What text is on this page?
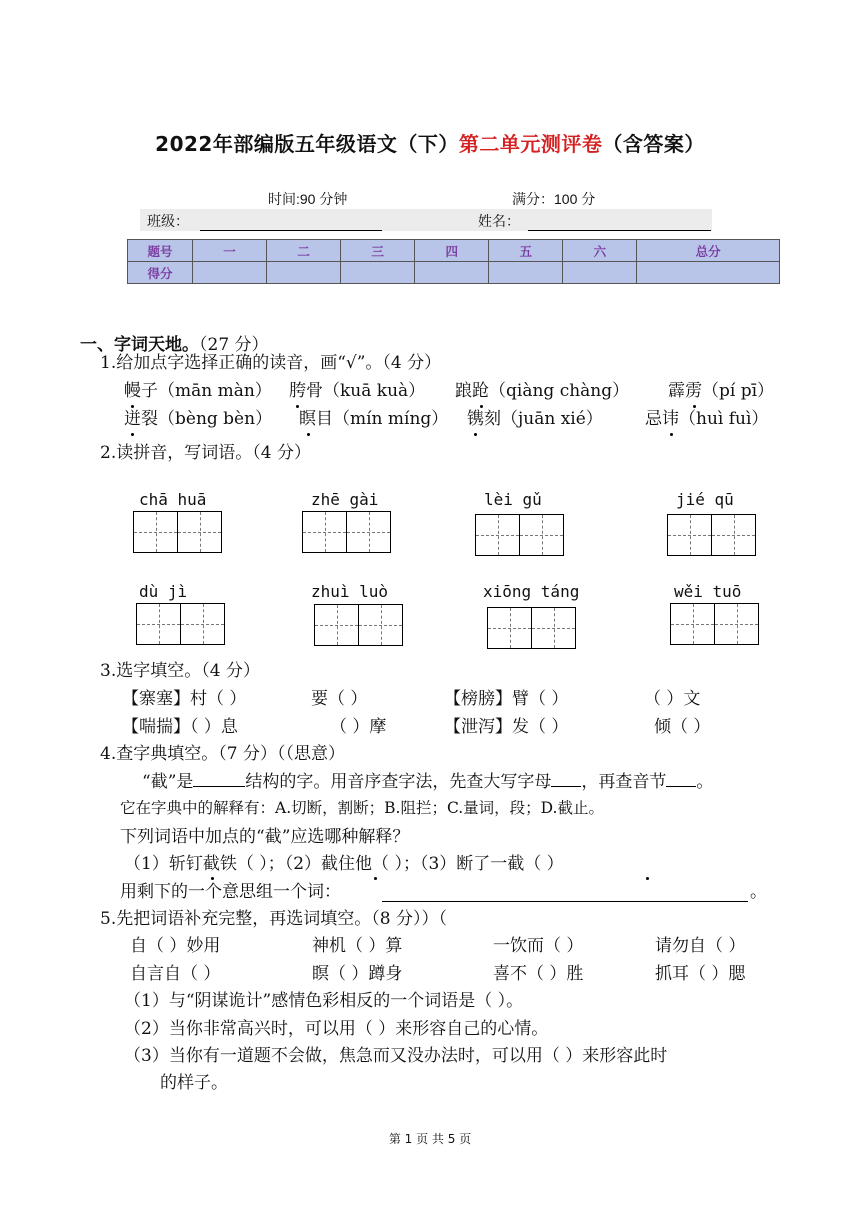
2022年部编版五年级语文（下）第二单元测评卷（含答案）
时间:90 分钟	满分：100 分
班级：	姓名：
题号	一	二	三	四	五	六	总分
得分							
一、字词天地。（27 分）
1.给加点字选择正确的读音，画“√”。（4 分）
幔子（mān màn） 胯骨（kuā kuà） 踉跄（qiàng chàng） 霹雳（pí pī）
迸裂（bèng bèn） 瞑目（mín míng） 镌刻（juān xié） 忌讳（huì fuì）
2.读拼音，写词语。（4 分）
chā huā	zhē gài	lèi gǔ	jié qū
dù jì	zhuì luò	xiōng táng	wěi tuō
3.选字填空。（4 分）
【寨塞】村（ ）	要（ ）	【榜膀】臂（ ）	（ ）文
【喘揣】（ ）息	（ ）摩	【泄泻】发（ ）	倾（ ）
4.查字典填空。（7 分）（（思意）
“截”是	结构的字。用音序查字法，先查大写字母 ，再查音节 。
它在字典中的解释有：A.切断，割断；B.阻拦；C.量词，段；D.截止。
下列词语中加点的“截”应选哪种解释？
（1）斩钉截铁（ ）；（2）截住他（ ）；（3）断了一截（ ）
用剩下的一个意思组一个词：	。
5.先把词语补充完整，再选词填空。（8 分））（
自（ ）妙用	神机（ ）算	一饮而（ ）	请勿自（ ）
自言自（ ）	瞑（ ）蹲身	喜不（ ）胜	抓耳（ ）腮
（1）与“阴谋诡计”感情色彩相反的一个词语是（ ）。
（2）当你非常高兴时，可以用（ ）来形容自己的心情。
（3）当你有一道题不会做，焦急而又没办法时，可以用（ ）来形容此时
的样子。
第 1 页 共 5 页
